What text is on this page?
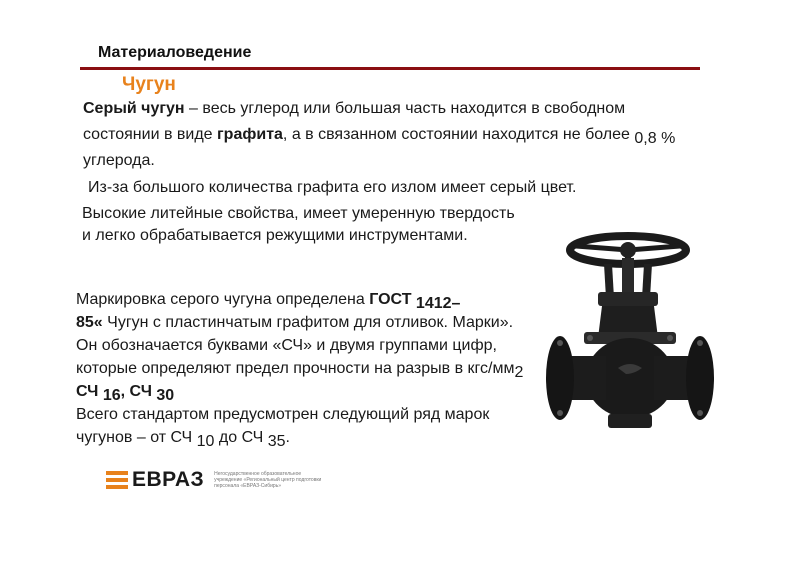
Материаловедение
Чугун
Серый чугун – весь углерод или большая часть находится в свободном состоянии в виде графита, а в связанном состоянии находится не более 0,8 % углерода.
Из-за большого количества графита его излом имеет серый цвет.
Высокие литейные свойства, имеет умеренную твердость и легко обрабатывается режущими инструментами.
Маркировка серого чугуна определена ГОСТ 1412–
85« Чугун с пластинчатым графитом для отливок. Марки».
Он обозначается буквами «СЧ» и двумя группами цифр, которые определяют предел прочности на разрыв в кгс/мм2
СЧ 16, СЧ 30
Всего стандартом предусмотрен следующий ряд марок чугунов – от СЧ 10 до СЧ 35.
ЕВРАЗ Негосударственное образовательное учреждение «Региональный центр подготовки персонала «ЕВРАЗ-Сибирь»
